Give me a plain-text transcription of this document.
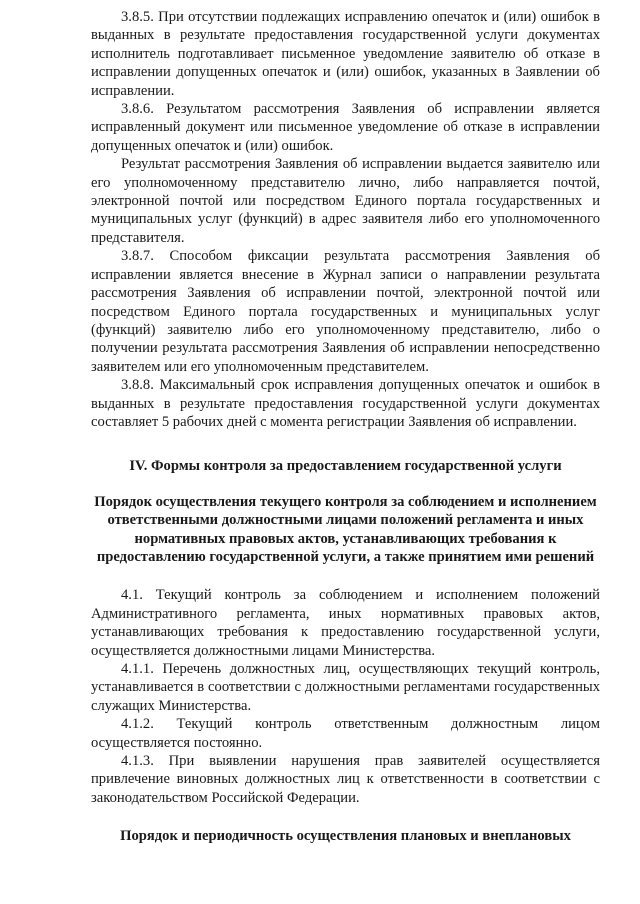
3.8.5. При отсутствии подлежащих исправлению опечаток и (или) ошибок в выданных в результате предоставления государственной услуги документах исполнитель подготавливает письменное уведомление заявителю об отказе в исправлении допущенных опечаток и (или) ошибок, указанных в Заявлении об исправлении.

3.8.6. Результатом рассмотрения Заявления об исправлении является исправленный документ или письменное уведомление об отказе в исправлении допущенных опечаток и (или) ошибок.

Результат рассмотрения Заявления об исправлении выдается заявителю или его уполномоченному представителю лично, либо направляется почтой, электронной почтой или посредством Единого портала государственных и муниципальных услуг (функций) в адрес заявителя либо его уполномоченного представителя.

3.8.7. Способом фиксации результата рассмотрения Заявления об исправлении является внесение в Журнал записи о направлении результата рассмотрения Заявления об исправлении почтой, электронной почтой или посредством Единого портала государственных и муниципальных услуг (функций) заявителю либо его уполномоченному представителю, либо о получении результата рассмотрения Заявления об исправлении непосредственно заявителем или его уполномоченным представителем.

3.8.8. Максимальный срок исправления допущенных опечаток и ошибок в выданных в результате предоставления государственной услуги документах составляет 5 рабочих дней с момента регистрации Заявления об исправлении.

IV. Формы контроля за предоставлением государственной услуги

Порядок осуществления текущего контроля за соблюдением и исполнением ответственными должностными лицами положений регламента и иных нормативных правовых актов, устанавливающих требования к предоставлению государственной услуги, а также принятием ими решений

4.1. Текущий контроль за соблюдением и исполнением положений Административного регламента, иных нормативных правовых актов, устанавливающих требования к предоставлению государственной услуги, осуществляется должностными лицами Министерства.

4.1.1. Перечень должностных лиц, осуществляющих текущий контроль, устанавливается в соответствии с должностными регламентами государственных служащих Министерства.

4.1.2. Текущий контроль ответственным должностным лицом осуществляется постоянно.

4.1.3. При выявлении нарушения прав заявителей осуществляется привлечение виновных должностных лиц к ответственности в соответствии с законодательством Российской Федерации.

Порядок и периодичность осуществления плановых и внеплановых
